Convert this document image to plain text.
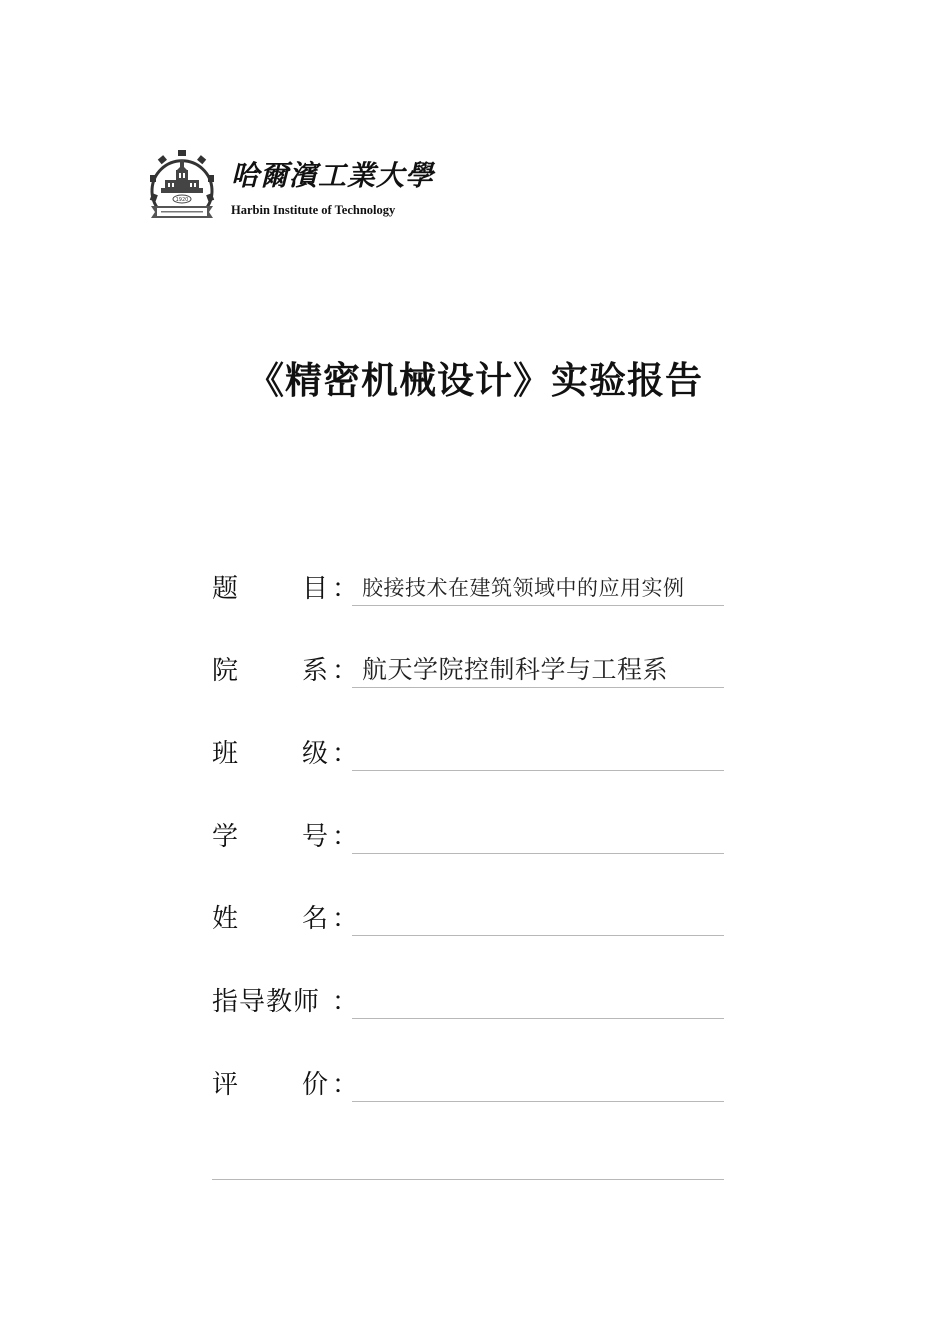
1920
哈爾濱工業大學
Harbin Institute of Technology
《精密机械设计》实验报告
题 目 ： 胶接技术在建筑领域中的应用实例
院 系 ： 航天学院控制科学与工程系
班 级 ：
学 号 ：
姓 名 ：
指导教师 ：
评 价 ：
